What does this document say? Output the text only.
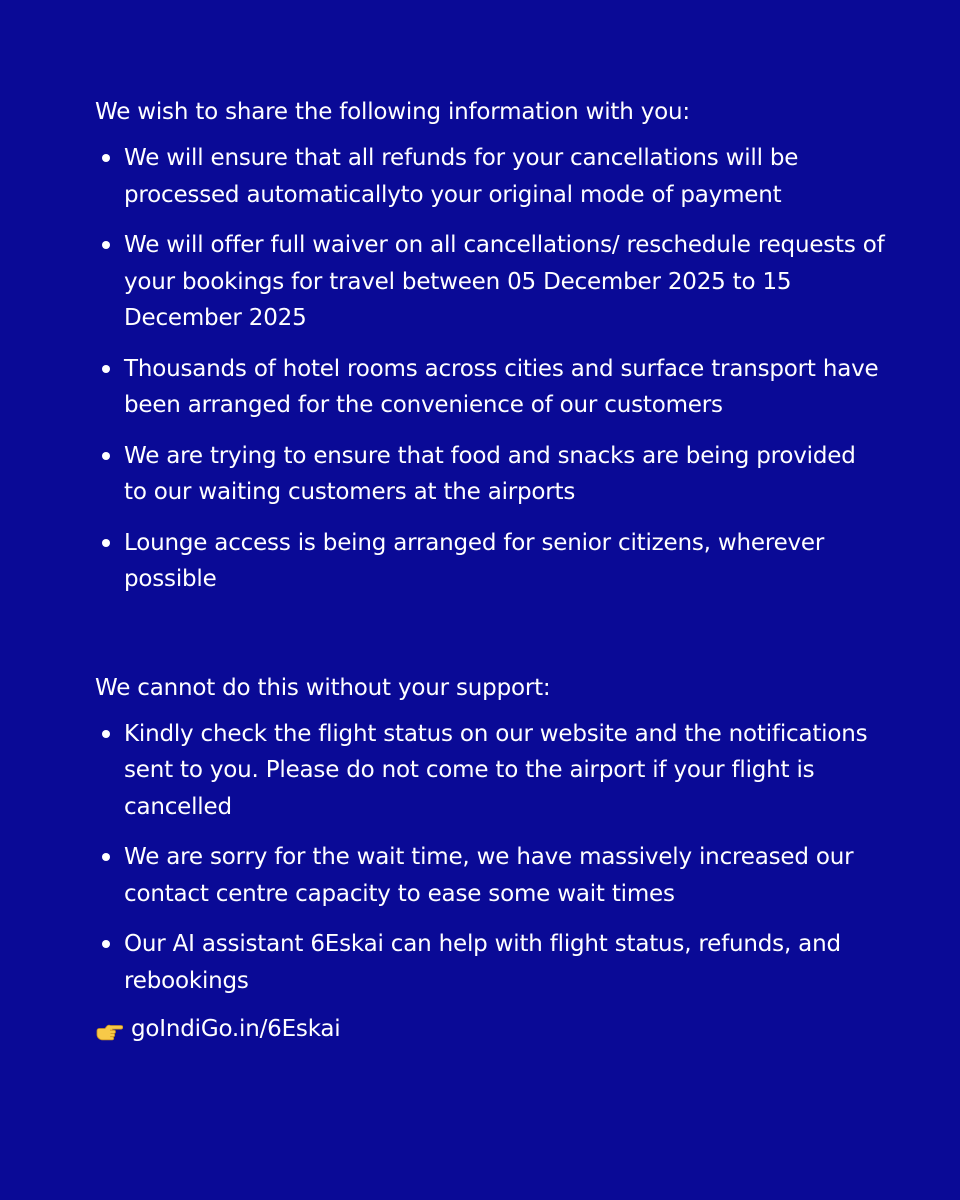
We wish to share the following information with you:

We will ensure that all refunds for your cancellations will be processed automaticallyto your original mode of payment
We will offer full waiver on all cancellations/ reschedule requests of your bookings for travel between 05 December 2025 to 15 December 2025
Thousands of hotel rooms across cities and surface transport have been arranged for the convenience of our customers
We are trying to ensure that food and snacks are being provided to our waiting customers at the airports
Lounge access is being arranged for senior citizens, wherever possible

We cannot do this without your support:

Kindly check the flight status on our website and the notifications sent to you. Please do not come to the airport if your flight is cancelled
We are sorry for the wait time, we have massively increased our contact centre capacity to ease some wait times
Our AI assistant 6Eskai can help with flight status, refunds, and rebookings
goIndiGo.in/6Eskai
